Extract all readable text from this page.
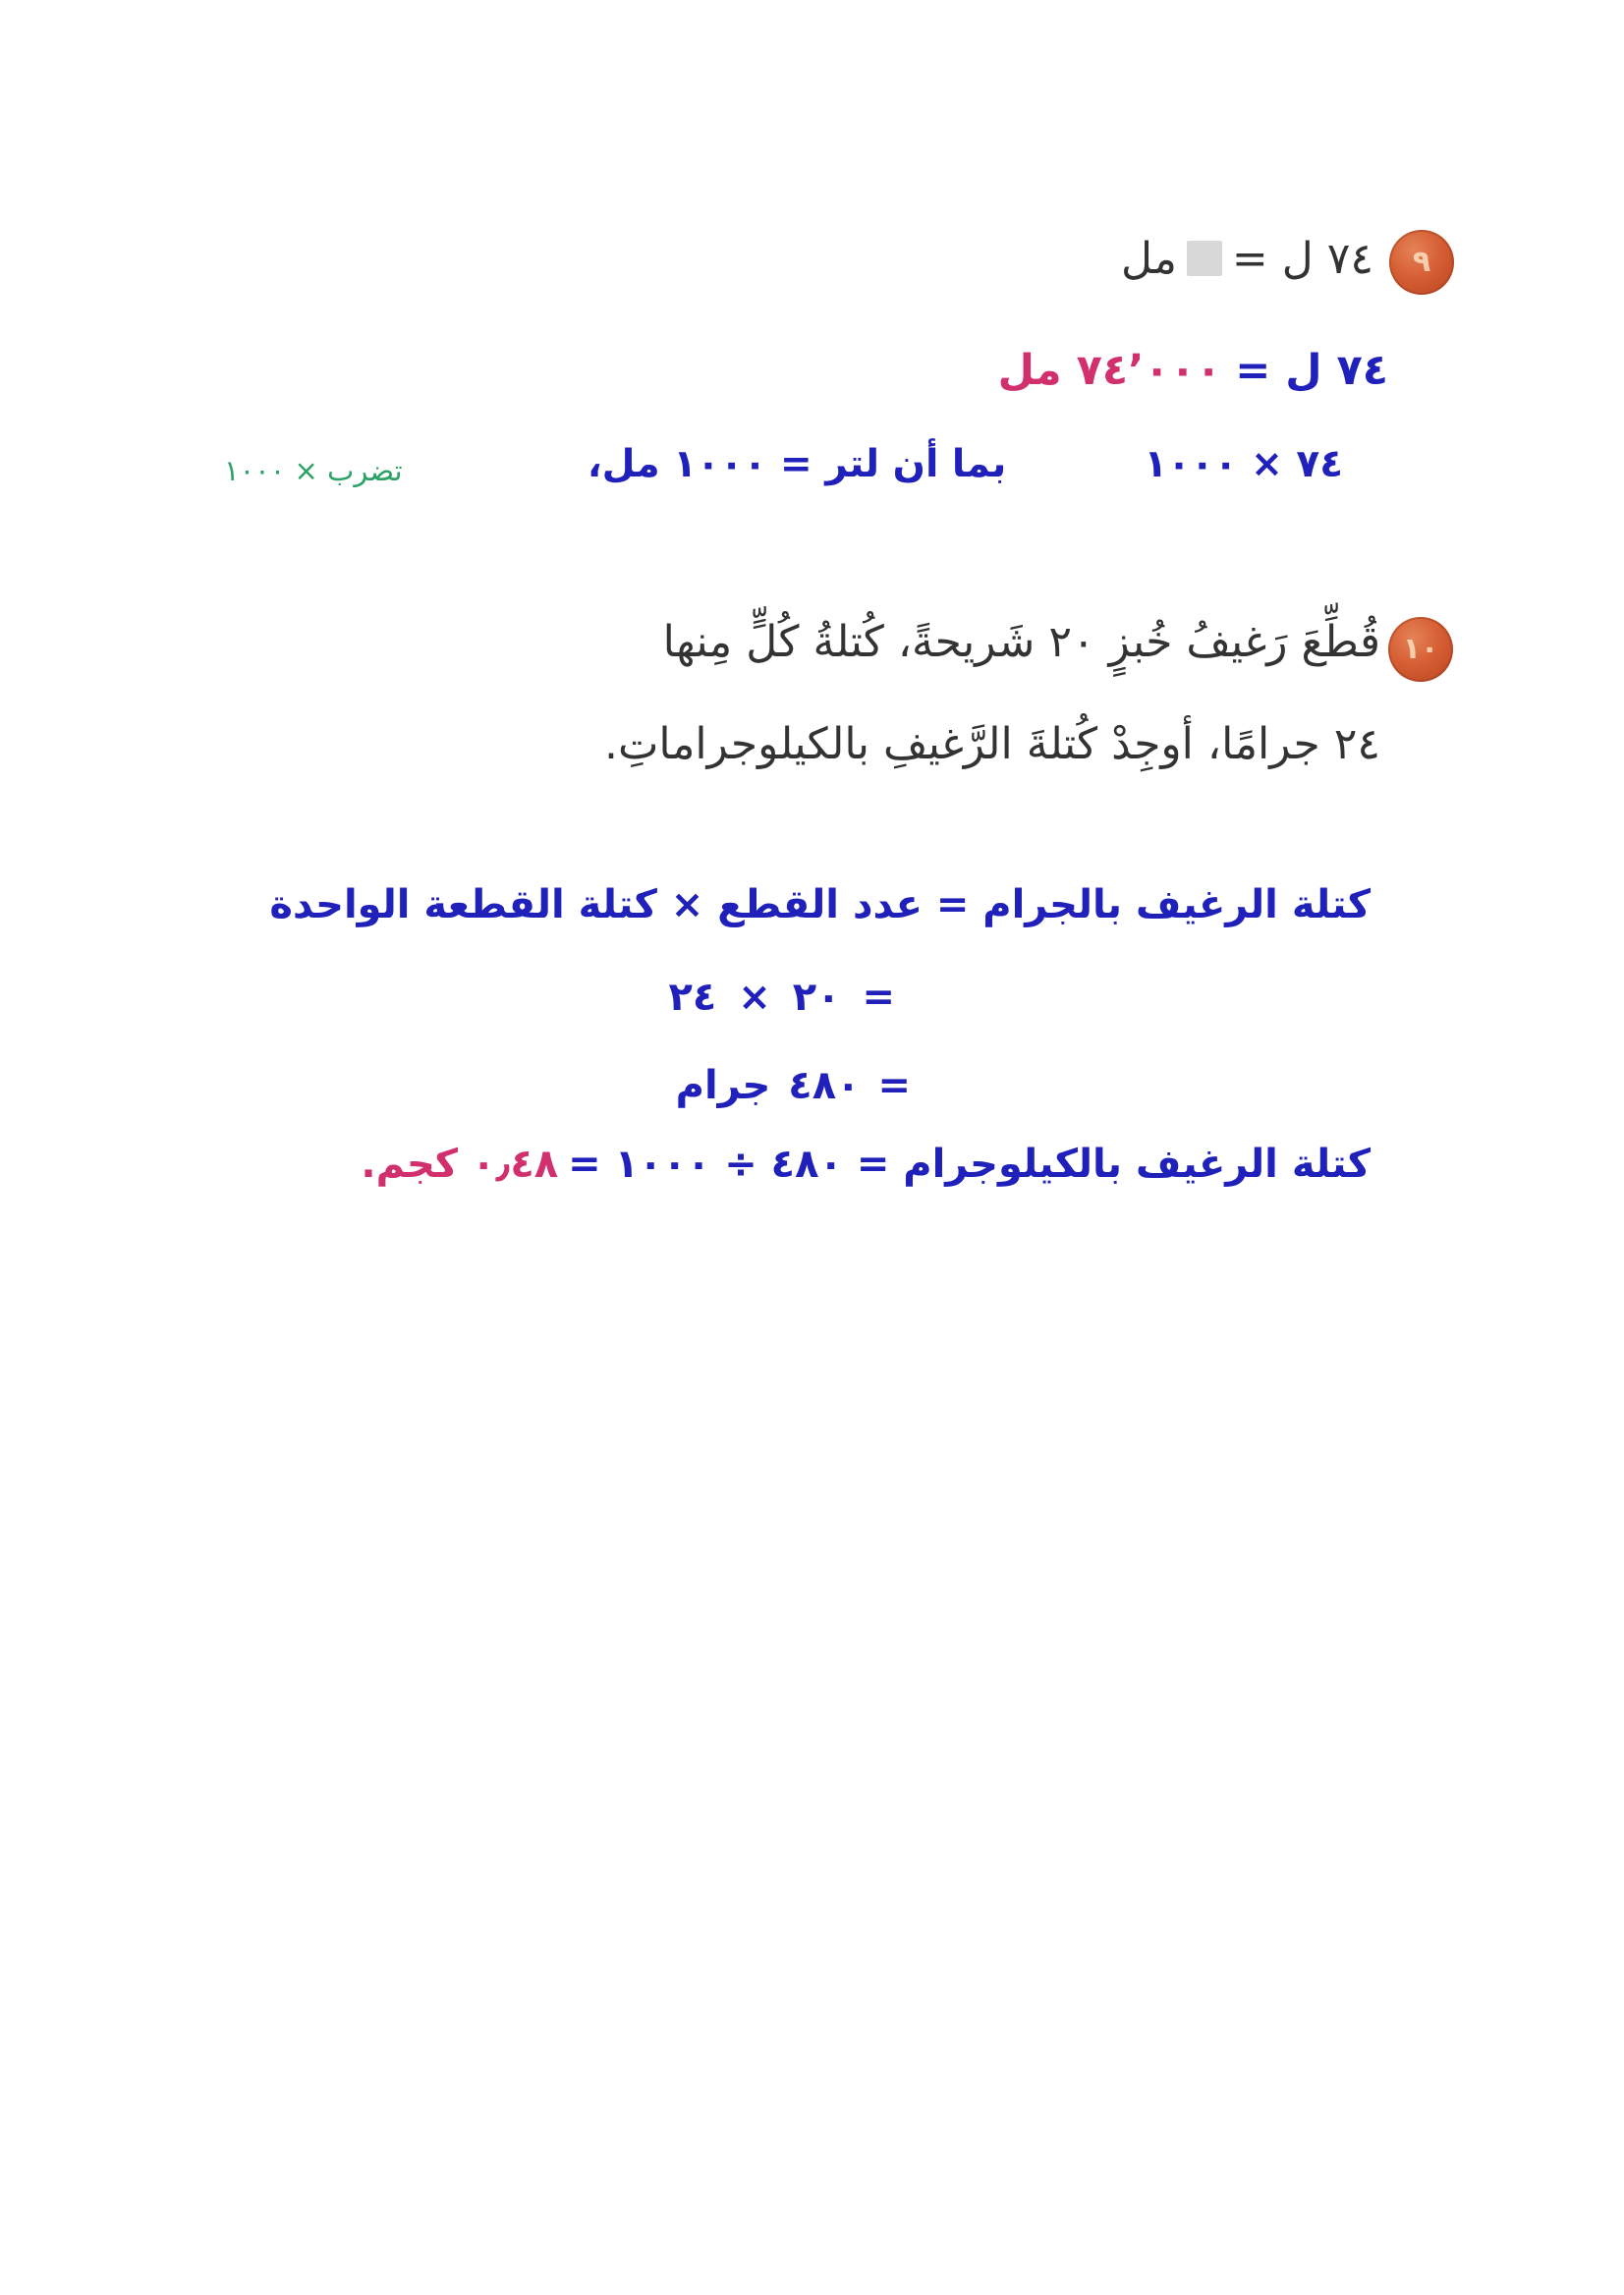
٩
٧٤ ل =مل
٧٤ ل =٧٤٬٠٠٠ مل
٧٤ × ١٠٠٠
بما أن لتر = ١٠٠٠ مل،
تضرب × ١٠٠٠
١٠
قُطِّعَ رَغيفُ خُبزٍ ٢٠ شَريحةً، كُتلةُ كُلٍّ مِنها
٢٤ جرامًا، أوجِدْ كُتلةَ الرَّغيفِ بالكيلوجراماتِ.
كتلة الرغيف بالجرام = عدد القطع × كتلة القطعة الواحدة
= ٢٠ × ٢٤
= ٤٨٠ جرام
كتلة الرغيف بالكيلوجرام = ٤٨٠ ÷ ١٠٠٠ =٠٫٤٨ كجم.
